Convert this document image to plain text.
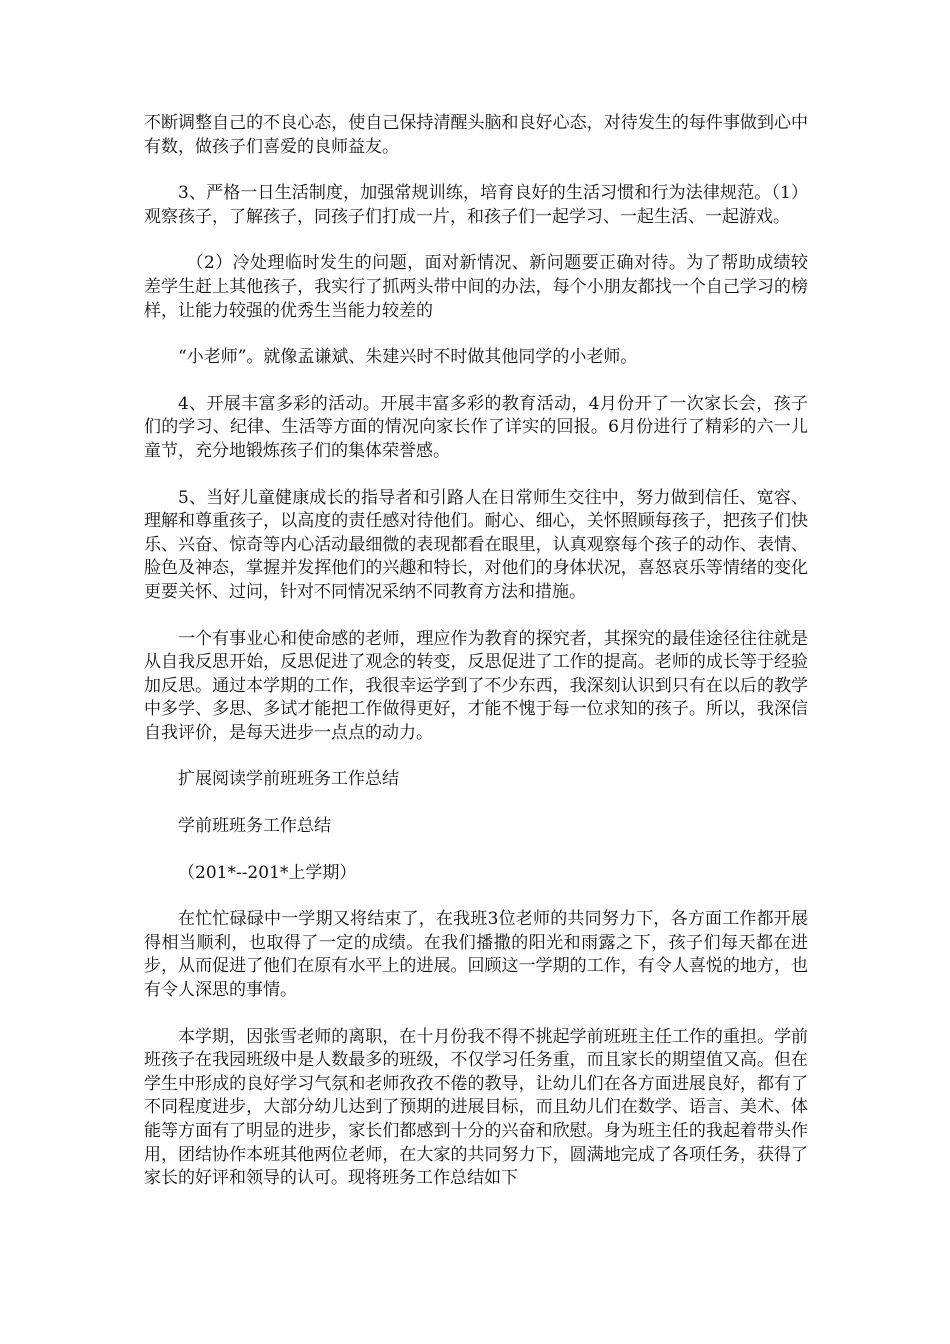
不断调整自己的不良心态，使自己保持清醒头脑和良好心态，对待发生的每件事做到心中有数，做孩子们喜爱的良师益友。

3、严格一日生活制度，加强常规训练，培育良好的生活习惯和行为法律规范。（1）观察孩子，了解孩子，同孩子们打成一片，和孩子们一起学习、一起生活、一起游戏。

（2）冷处理临时发生的问题，面对新情况、新问题要正确对待。为了帮助成绩较差学生赶上其他孩子，我实行了抓两头带中间的办法，每个小朋友都找一个自己学习的榜样，让能力较强的优秀生当能力较差的

“小老师”。就像孟谦斌、朱建兴时不时做其他同学的小老师。

4、开展丰富多彩的活动。开展丰富多彩的教育活动，4月份开了一次家长会，孩子们的学习、纪律、生活等方面的情况向家长作了详实的回报。6月份进行了精彩的六一儿童节，充分地锻炼孩子们的集体荣誉感。

5、当好儿童健康成长的指导者和引路人在日常师生交往中，努力做到信任、宽容、理解和尊重孩子，以高度的责任感对待他们。耐心、细心，关怀照顾每孩子，把孩子们快乐、兴奋、惊奇等内心活动最细微的表现都看在眼里，认真观察每个孩子的动作、表情、脸色及神态，掌握并发挥他们的兴趣和特长，对他们的身体状况，喜怒哀乐等情绪的变化更要关怀、过问，针对不同情况采纳不同教育方法和措施。

一个有事业心和使命感的老师，理应作为教育的探究者，其探究的最佳途径往往就是从自我反思开始，反思促进了观念的转变，反思促进了工作的提高。老师的成长等于经验加反思。通过本学期的工作，我很幸运学到了不少东西，我深刻认识到只有在以后的教学中多学、多思、多试才能把工作做得更好，才能不愧于每一位求知的孩子。所以，我深信自我评价，是每天进步一点点的动力。

扩展阅读学前班班务工作总结

学前班班务工作总结

（201*--201*上学期）

在忙忙碌碌中一学期又将结束了，在我班3位老师的共同努力下，各方面工作都开展得相当顺利，也取得了一定的成绩。在我们播撒的阳光和雨露之下，孩子们每天都在进步，从而促进了他们在原有水平上的进展。回顾这一学期的工作，有令人喜悦的地方，也有令人深思的事情。

本学期，因张雪老师的离职，在十月份我不得不挑起学前班班主任工作的重担。学前班孩子在我园班级中是人数最多的班级，不仅学习任务重，而且家长的期望值又高。但在学生中形成的良好学习气氛和老师孜孜不倦的教导，让幼儿们在各方面进展良好，都有了不同程度进步，大部分幼儿达到了预期的进展目标，而且幼儿们在数学、语言、美术、体能等方面有了明显的进步，家长们都感到十分的兴奋和欣慰。身为班主任的我起着带头作用，团结协作本班其他两位老师，在大家的共同努力下，圆满地完成了各项任务，获得了家长的好评和领导的认可。现将班务工作总结如下
